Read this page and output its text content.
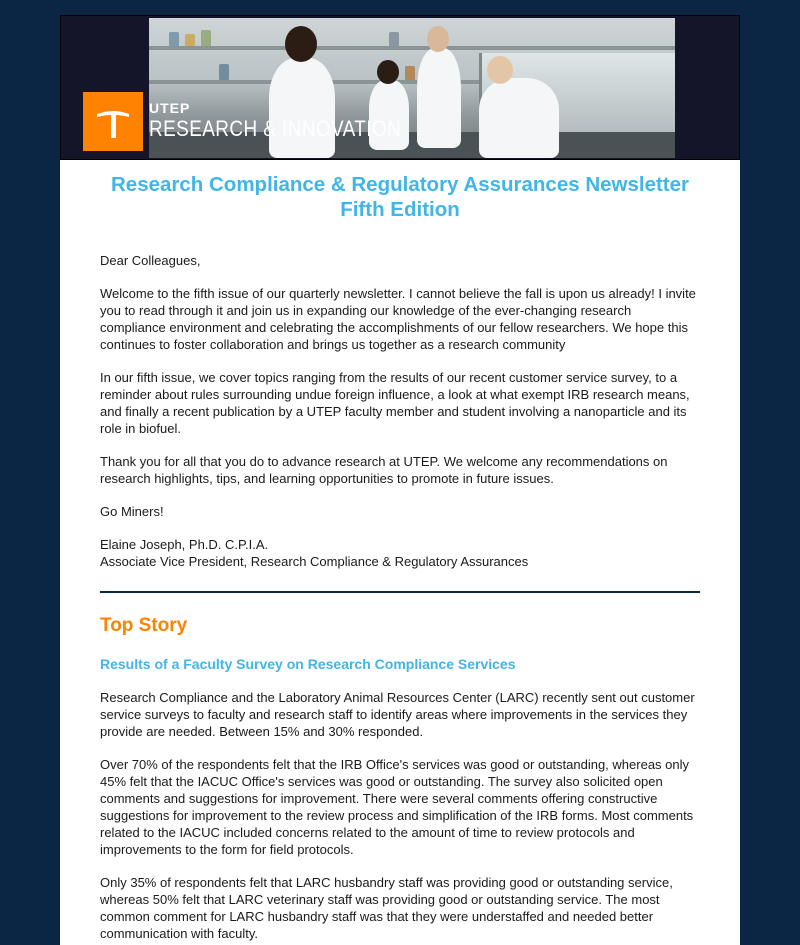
UTEP
RESEARCH & INNOVATION
Research Compliance & Regulatory Assurances Newsletter
Fifth Edition

Dear Colleagues,

Welcome to the fifth issue of our quarterly newsletter. I cannot believe the fall is upon us already! I invite you to read through it and join us in expanding our knowledge of the ever-changing research compliance environment and celebrating the accomplishments of our fellow researchers. We hope this continues to foster collaboration and brings us together as a research community

In our fifth issue, we cover topics ranging from the results of our recent customer service survey, to a reminder about rules surrounding undue foreign influence, a look at what exempt IRB research means, and finally a recent publication by a UTEP faculty member and student involving a nanoparticle and its role in biofuel.

Thank you for all that you do to advance research at UTEP. We welcome any recommendations on research highlights, tips, and learning opportunities to promote in future issues.

Go Miners!

Elaine Joseph, Ph.D. C.P.I.A.
Associate Vice President, Research Compliance & Regulatory Assurances
Top Story
Results of a Faculty Survey on Research Compliance Services

Research Compliance and the Laboratory Animal Resources Center (LARC) recently sent out customer service surveys to faculty and research staff to identify areas where improvements in the services they provide are needed. Between 15% and 30% responded.

Over 70% of the respondents felt that the IRB Office's services was good or outstanding, whereas only 45% felt that the IACUC Office's services was good or outstanding. The survey also solicited open comments and suggestions for improvement. There were several comments offering constructive suggestions for improvement to the review process and simplification of the IRB forms. Most comments related to the IACUC included concerns related to the amount of time to review protocols and improvements to the form for field protocols.

Only 35% of respondents felt that LARC husbandry staff was providing good or outstanding service, whereas 50% felt that LARC veterinary staff was providing good or outstanding service. The most common comment for LARC husbandry staff was that they were understaffed and needed better communication with faculty.
